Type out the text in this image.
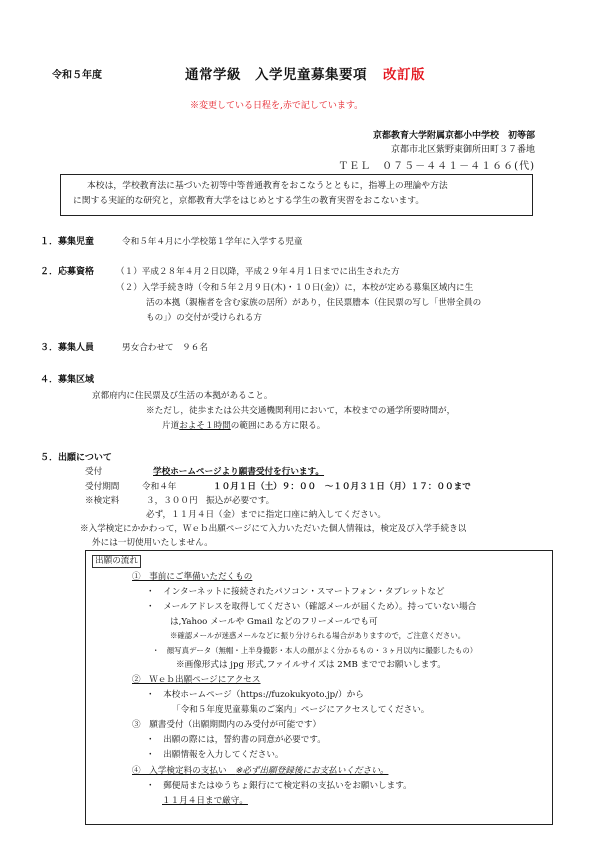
令和５年度	通常学級　入学児童募集要項 改訂版
※変更している日程を,赤で記しています。
京都教育大学附属京都小中学校　初等部
京都市北区紫野東御所田町３７番地
ＴＥＬ　０７５－４４１－４１６６(代)
本校は，学校教育法に基づいた初等中等普通教育をおこなうとともに，指導上の理論や方法
に関する実証的な研究と，京都教育大学をはじめとする学生の教育実習をおこないます。
１．募集児童	令和５年４月に小学校第１学年に入学する児童
２．応募資格	（１）平成２８年４月２日以降，平成２９年４月１日までに出生された方
（２）入学手続き時（令和５年２月９日(木)・１０日(金)）に，本校が定める募集区域内に生
活の本拠（親権者を含む家族の居所）があり，住民票謄本（住民票の写し「世帯全員の
もの」）の交付が受けられる方
３．募集人員	男女合わせて　９６名
４．募集区域
京都府内に住民票及び生活の本拠があること。
※ただし，徒歩または公共交通機関利用において，本校までの通学所要時間が，
片道およそ１時間の範囲にある方に限る。
５．出願について
受付	学校ホームページより願書受付を行います。
受付期間	令和４年	１０月１日（土）９：００　～１０月３１日（月）１７：００まで
※検定料	３，３００円　振込が必要です。
必ず，１１月４日（金）までに指定口座に納入してください。
※入学検定にかかわって，Ｗｅｂ出願ページにて入力いただいた個人情報は，検定及び入学手続き以
外には一切使用いたしません。
出願の流れ
①　事前にご準備いただくもの
・　インターネットに接続されたパソコン・スマートフォン・タブレットなど
・　メールアドレスを取得してください（確認メールが届くため）。持っていない場合
は,Yahoo メールや Gmail などのフリーメールでも可
※確認メールが迷惑メールなどに振り分けられる場合がありますので，ご注意ください。
・　顔写真データ（無帽・上半身撮影・本人の顔がよく分かるもの・３ヶ月以内に撮影したもの）
※画像形式は jpg 形式,ファイルサイズは 2MB まででお願いします。
②　Ｗｅｂ出願ページにアクセス
・　本校ホームページ（https://fuzokukyoto.jp/）から
「令和５年度児童募集のご案内」ページにアクセスしてください。
③　願書受付（出願期間内のみ受付が可能です）
・　出願の際には，誓約書の同意が必要です。
・　出願情報を入力してください。
④　入学検定料の支払い　※必ず出願登録後にお支払いください。
・　郵便局またはゆうちょ銀行にて検定料の支払いをお願いします。
１１月４日まで厳守。
